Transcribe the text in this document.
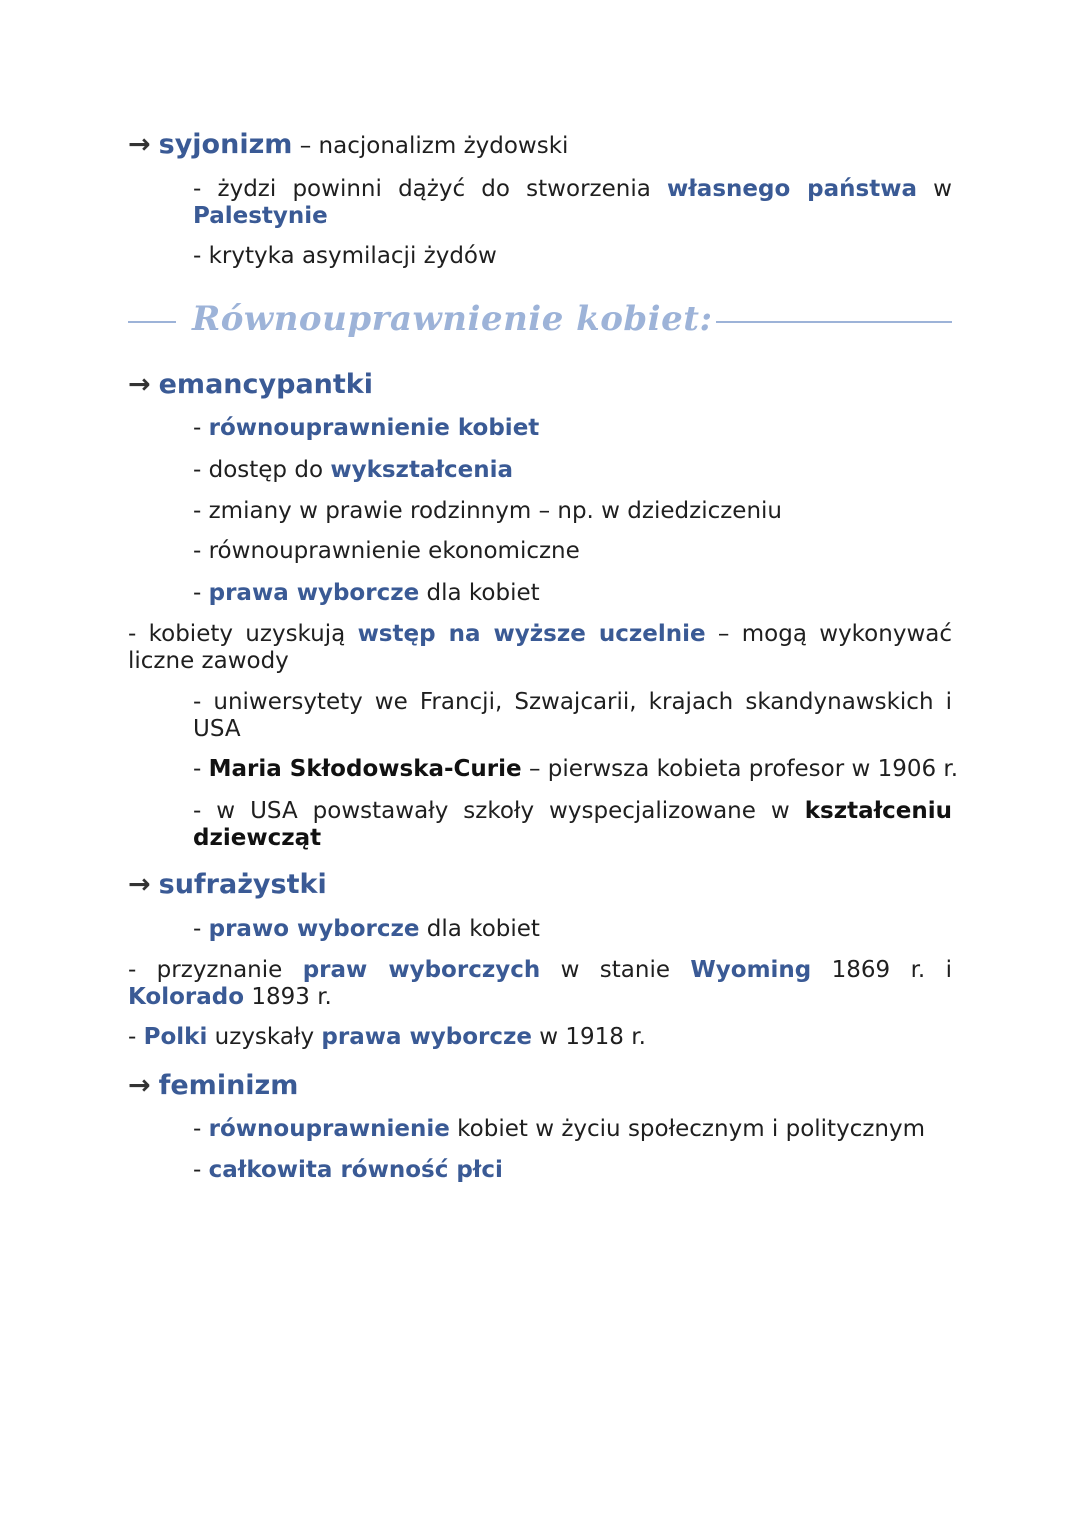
→ syjonizm – nacjonalizm żydowski
- żydzi powinni dążyć do stworzenia własnego państwa w Palestynie
- krytyka asymilacji żydów
Równouprawnienie kobiet:
→ emancypantki
- równouprawnienie kobiet
- dostęp do wykształcenia
- zmiany w prawie rodzinnym – np. w dziedziczeniu
- równouprawnienie ekonomiczne
- prawa wyborcze dla kobiet
- kobiety uzyskują wstęp na wyższe uczelnie – mogą wykonywać liczne zawody
- uniwersytety we Francji, Szwajcarii, krajach skandynawskich i USA
- Maria Skłodowska-Curie – pierwsza kobieta profesor w 1906 r.
- w USA powstawały szkoły wyspecjalizowane w kształceniu dziewcząt
→ sufrażystki
- prawo wyborcze dla kobiet
- przyznanie praw wyborczych w stanie Wyoming 1869 r. i Kolorado 1893 r.
- Polki uzyskały prawa wyborcze w 1918 r.
→ feminizm
- równouprawnienie kobiet w życiu społecznym i politycznym
- całkowita równość płci
